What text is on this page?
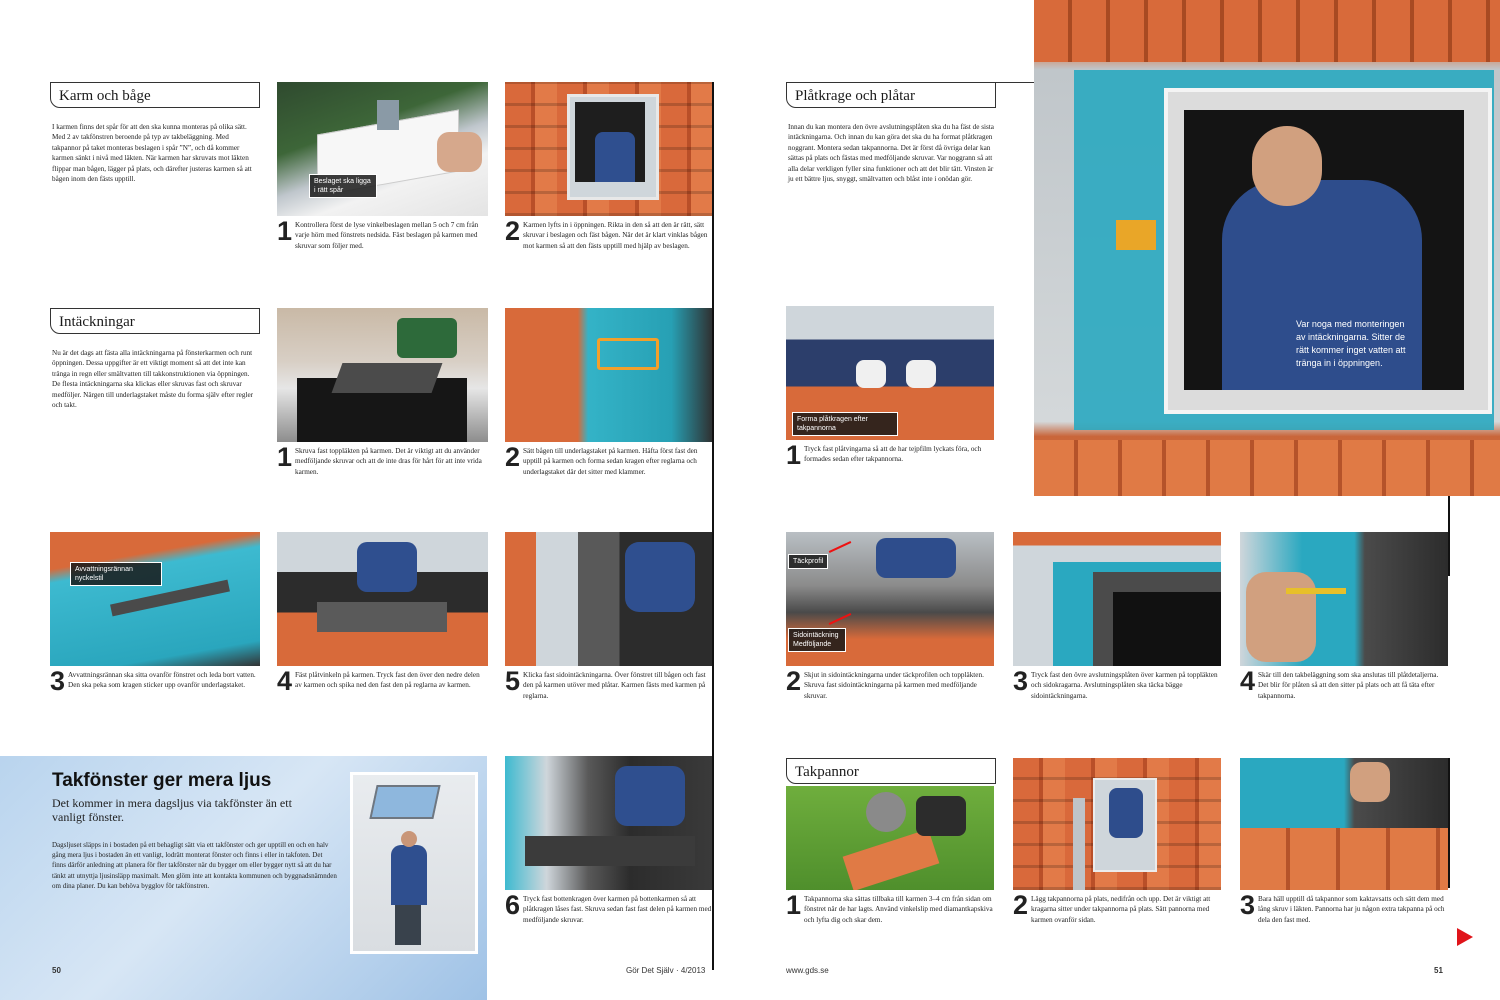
Karm och båge
I karmen finns det spår för att den ska kunna monteras på olika sätt. Med 2 av takfönstren beroende på typ av takbeläggning. Med takpannor på taket monteras beslagen i spår ”N”, och då kommer karmen sänkt i nivå med läkten. När karmen har skruvats mot läkten flippar man bågen, lägger på plats, och därefter justeras karmen så att bågen inom den fästs upptill.	Beslaget ska ligga i rätt spår
1 Kontrollera först de lyse vinkelbeslagen mellan 5 och 7 cm från varje hörn med fönstrets nedsida. Fäst beslagen på karmen med skruvar som följer med.	2 Karmen lyfts in i öppningen. Rikta in den så att den är rätt, sätt skruvar i beslagen och fäst bågen. När det är klart vinklas bågen mot karmen så att den fästs upptill med hjälp av beslagen.
Intäckningar
Nu är det dags att fästa alla intäckningarna på fönsterkarmen och runt öppningen. Dessa uppgifter är ett viktigt moment så att det inte kan tränga in regn eller smältvatten till takkonstruktionen via öppningen. De flesta intäckningarna ska klickas eller skruvas fast och skruvar medföljer. Närgen till underlagstaket måste du forma själv efter regler och takt.
1 Skruva fast toppläkten på karmen. Det är viktigt att du använder medföljande skruvar och att de inte dras för hårt för att inte vrida karmen.	2 Sätt bågen till underlagstaket på karmen. Häfta först fast den upptill på karmen och forma sedan kragen efter reglarna och underlagstaket där det sitter med klammer.
Avvattningsrännan nyckelstil
3 Avvattningsrännan ska sitta ovanför fönstret och leda bort vatten. Den ska peka som kragen sticker upp ovanför underlagstaket.	4 Fäst plåtvinkeln på karmen. Tryck fast den över den nedre delen av karmen och spika ned den fast den på reglarna av karmen.	5 Klicka fast sidointäckningarna. Över fönstret till bågen och fast den på karmen utöver med plåtar. Karmen fästs med karmen på reglarna.
Takfönster ger mera ljus
Det kommer in mera dagsljus via takfönster än ett vanligt fönster.
Dagsljuset släpps in i bostaden på ett behagligt sätt via ett takfönster och ger upptill en och en halv gång mera ljus i bostaden än ett vanligt, lodrätt monterat fönster och finns i eller in takfoten. Det finns därför anledning att planera för fler takfönster när du bygger om eller bygger nytt så att du har tänkt att utnyttja ljusinsläpp maximalt. Men glöm inte att kontakta kommunen och byggnadsnämnden om dina planer. Du kan behöva bygglov för takfönstren.
6 Tryck fast bottenkragen över karmen på bottenkarmen så att plåtkragen låses fast. Skruva sedan fast fast delen på karmen med medföljande skruvar.
50	Gör Det Själv · 4/2013
Plåtkrage och plåtar
Innan du kan montera den övre avslutningsplåten ska du ha fäst de sista intäckningarna. Och innan du kan göra det ska du ha format plåtkragen noggrant. Montera sedan takpannorna. Det är först då övriga delar kan sättas på plats och fästas med medföljande skruvar. Var noggrann så att alla delar verkligen fyller sina funktioner och att det blir tätt. Vinsten är ju ett bättre ljus, snyggt, smältvatten och blåst inte i onödan gör.
Var noga med monteringen av intäckningarna. Sitter de rätt kommer inget vatten att tränga in i öppningen.
Forma plåtkragen efter takpannorna
1 Tryck fast plåtvingarna så att de har tejpfilm lyckats föra, och formades sedan efter takpannorna.
Täckprofil
Sidointäckning Medföljande
2 Skjut in sidointäckningarna under täckprofilen och toppläkten. Skruva fast sidointäckningarna på karmen med medföljande skruvar.	3 Tryck fast den övre avslutningsplåten över karmen på toppläkten och sidokragarna. Avslutningsplåten ska täcka bägge sidointäckningarna.	4 Skär till den takbeläggning som ska anslutas till plåtdetaljerna. Det blir för plåten så att den sitter på plats och att få täta efter takpannorna.
Takpannor
1 Takpannorna ska sättas tillbaka till karmen 3–4 cm från sidan om fönstret när de har lagts. Använd vinkelslip med diamantkapskiva och lyfta dig och skar dem.	2 Lägg takpannorna på plats, nedifrån och upp. Det är viktigt att kragarna sitter under takpannorna på plats. Sätt pannorna med karmen ovanför sidan.	3 Bara häll upptill då takpannor som kaktavsatts och sätt dem med lång skruv i läkten. Pannorna har ju någon extra takpanna på och dela den fast med.
www.gds.se	51
